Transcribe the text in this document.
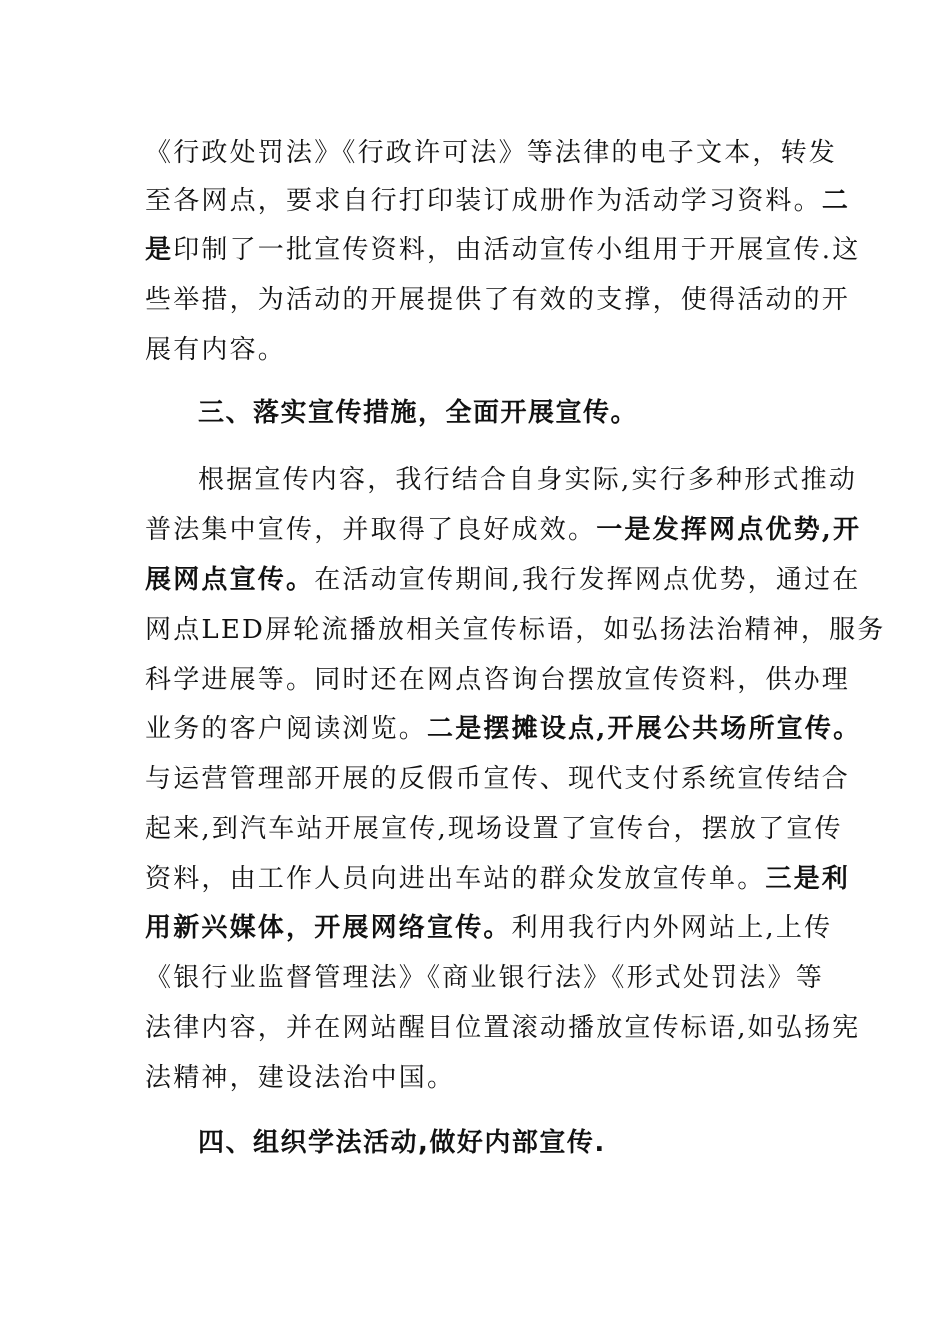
《行政处罚法》《行政许可法》等法律的电子文本，转发
至各网点，要求自行打印装订成册作为活动学习资料。二
是印制了一批宣传资料，由活动宣传小组用于开展宣传.这
些举措，为活动的开展提供了有效的支撑，使得活动的开
展有内容。
三、落实宣传措施，全面开展宣传。
根据宣传内容，我行结合自身实际,实行多种形式推动
普法集中宣传，并取得了良好成效。一是发挥网点优势,开
展网点宣传。在活动宣传期间,我行发挥网点优势，通过在
网点LED屏轮流播放相关宣传标语，如弘扬法治精神，服务
科学进展等。同时还在网点咨询台摆放宣传资料，供办理
业务的客户阅读浏览。二是摆摊设点,开展公共场所宣传。
与运营管理部开展的反假币宣传、现代支付系统宣传结合
起来,到汽车站开展宣传,现场设置了宣传台，摆放了宣传
资料，由工作人员向进出车站的群众发放宣传单。三是利
用新兴媒体，开展网络宣传。利用我行内外网站上,上传
《银行业监督管理法》《商业银行法》《形式处罚法》等
法律内容，并在网站醒目位置滚动播放宣传标语,如弘扬宪
法精神，建设法治中国。
四、组织学法活动,做好内部宣传.
